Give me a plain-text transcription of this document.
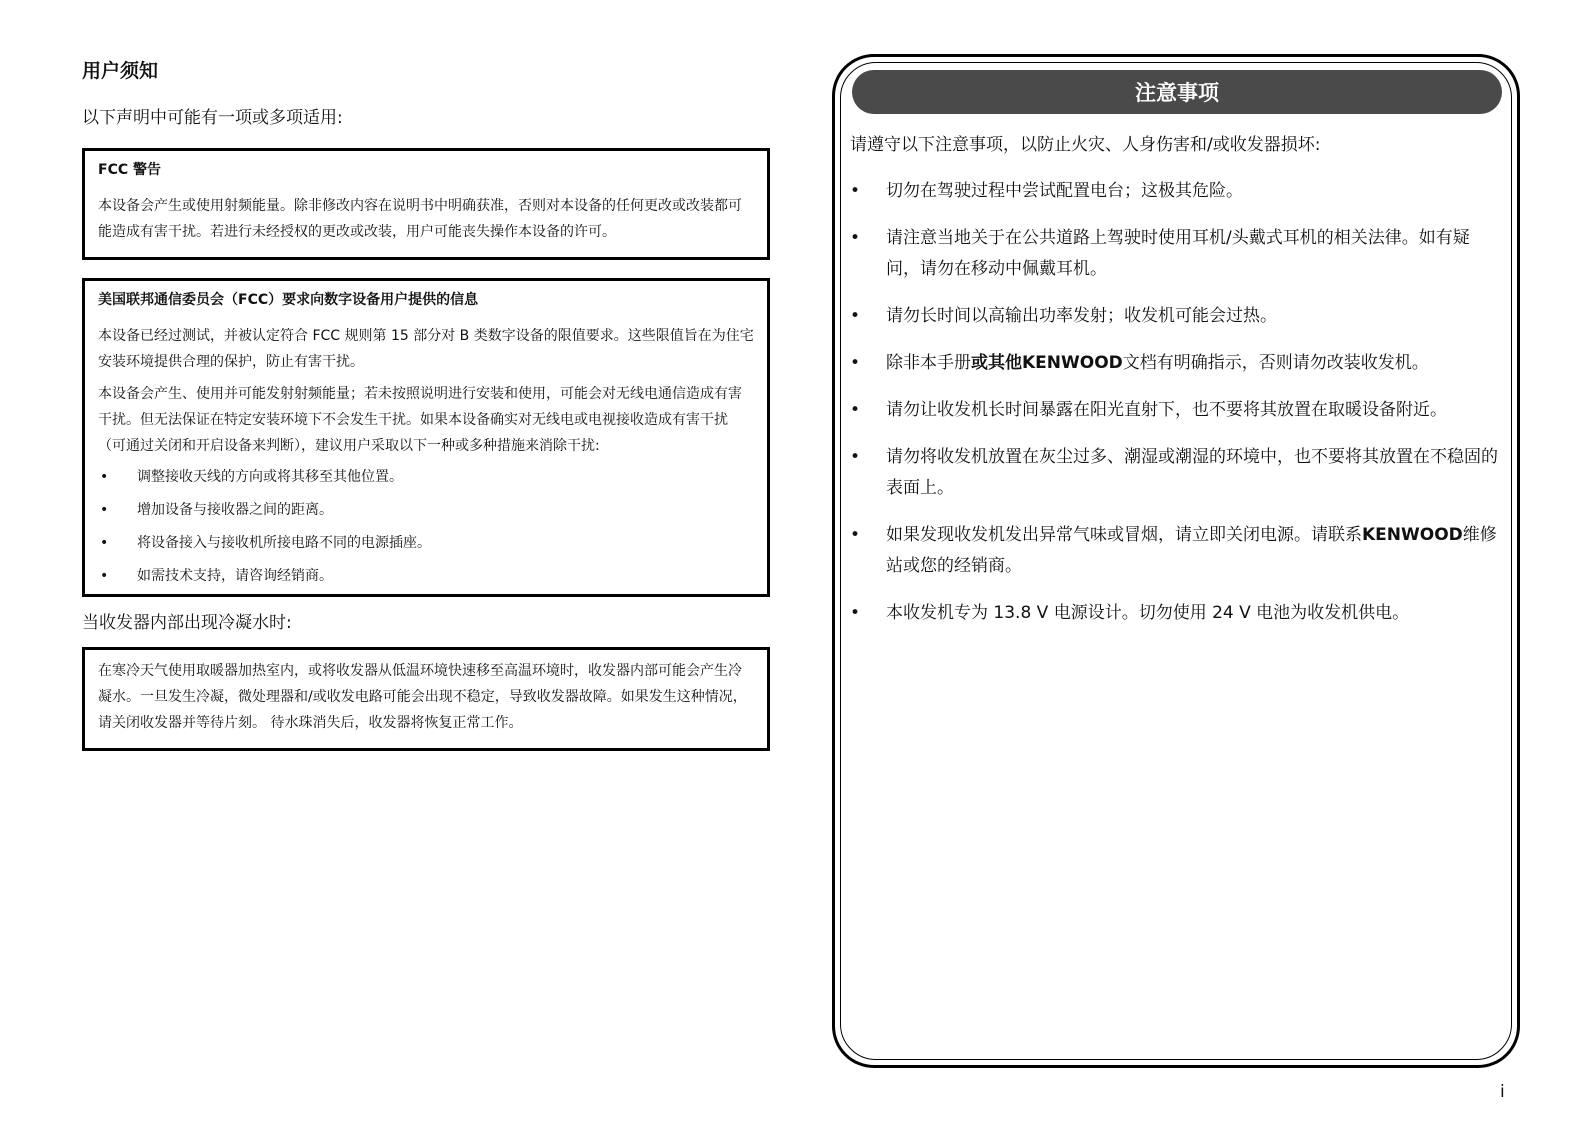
用户须知
以下声明中可能有一项或多项适用:
FCC 警告

本设备会产生或使用射频能量。除非修改内容在说明书中明确获准，否则对本设备的任何更改或改装都可能造成有害干扰。若进行未经授权的更改或改装，用户可能丧失操作本设备的许可。

美国联邦通信委员会（FCC）要求向数字设备用户提供的信息

本设备已经过测试，并被认定符合 FCC 规则第 15 部分对 B 类数字设备的限值要求。这些限值旨在为住宅安装环境提供合理的保护，防止有害干扰。

本设备会产生、使用并可能发射射频能量；若未按照说明进行安装和使用，可能会对无线电通信造成有害干扰。但无法保证在特定安装环境下不会发生干扰。如果本设备确实对无线电或电视接收造成有害干扰（可通过关闭和开启设备来判断），建议用户采取以下一种或多种措施来消除干扰:

• 调整接收天线的方向或将其移至其他位置。
• 增加设备与接收器之间的距离。
• 将设备接入与接收机所接电路不同的电源插座。
• 如需技术支持，请咨询经销商。
当收发器内部出现冷凝水时:

在寒冷天气使用取暖器加热室内，或将收发器从低温环境快速移至高温环境时，收发器内部可能会产生冷凝水。一旦发生冷凝，微处理器和/或收发电路可能会出现不稳定，导致收发器故障。如果发生这种情况，请关闭收发器并等待片刻。 待水珠消失后，收发器将恢复正常工作。

注意事项
请遵守以下注意事项，以防止火灾、人身伤害和/或收发器损坏:
• 切勿在驾驶过程中尝试配置电台；这极其危险。
• 请注意当地关于在公共道路上驾驶时使用耳机/头戴式耳机的相关法律。如有疑问，请勿在移动中佩戴耳机。
• 请勿长时间以高输出功率发射；收发机可能会过热。
• 除非本手册或其他KENWOOD文档有明确指示，否则请勿改装收发机。
• 请勿让收发机长时间暴露在阳光直射下，也不要将其放置在取暖设备附近。
• 请勿将收发机放置在灰尘过多、潮湿或潮湿的环境中，也不要将其放置在不稳固的表面上。
• 如果发现收发机发出异常气味或冒烟，请立即关闭电源。请联系KENWOOD维修站或您的经销商。
• 本收发机专为 13.8 V 电源设计。切勿使用 24 V 电池为收发机供电。
i
